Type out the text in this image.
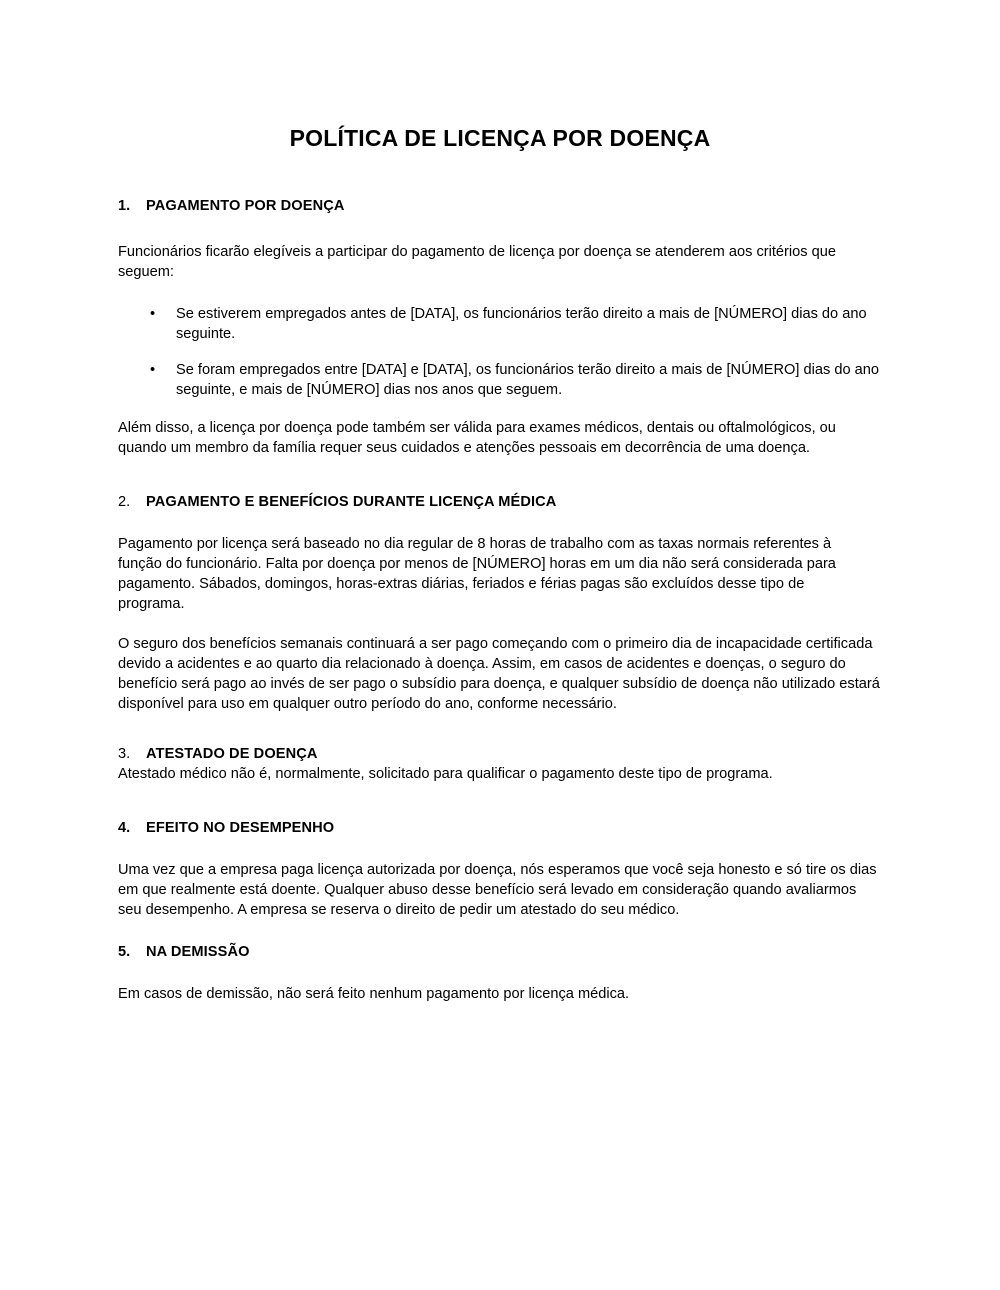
POLÍTICA DE LICENÇA POR DOENÇA
1.	PAGAMENTO POR DOENÇA

Funcionários ficarão elegíveis a participar do pagamento de licença por doença se atenderem aos critérios que seguem:

• Se estiverem empregados antes de [DATA], os funcionários terão direito a mais de [NÚMERO] dias do ano seguinte.
• Se foram empregados entre [DATA] e [DATA], os funcionários terão direito a mais de [NÚMERO] dias do ano seguinte, e mais de [NÚMERO] dias nos anos que seguem.

Além disso, a licença por doença pode também ser válida para exames médicos, dentais ou oftalmológicos, ou quando um membro da família requer seus cuidados e atenções pessoais em decorrência de uma doença.

2.	PAGAMENTO E BENEFÍCIOS DURANTE LICENÇA MÉDICA

Pagamento por licença será baseado no dia regular de 8 horas de trabalho com as taxas normais referentes à função do funcionário. Falta por doença por menos de [NÚMERO] horas em um dia não será considerada para pagamento. Sábados, domingos, horas-extras diárias, feriados e férias pagas são excluídos desse tipo de programa.

O seguro dos benefícios semanais continuará a ser pago começando com o primeiro dia de incapacidade certificada devido a acidentes e ao quarto dia relacionado à doença. Assim, em casos de acidentes e doenças, o seguro do benefício será pago ao invés de ser pago o subsídio para doença, e qualquer subsídio de doença não utilizado estará disponível para uso em qualquer outro período do ano, conforme necessário.

3.	ATESTADO DE DOENÇA

Atestado médico não é, normalmente, solicitado para qualificar o pagamento deste tipo de programa.

4.	EFEITO NO DESEMPENHO

Uma vez que a empresa paga licença autorizada por doença, nós esperamos que você seja honesto e só tire os dias em que realmente está doente. Qualquer abuso desse benefício será levado em consideração quando avaliarmos seu desempenho. A empresa se reserva o direito de pedir um atestado do seu médico.

5.	NA DEMISSÃO

Em casos de demissão, não será feito nenhum pagamento por licença médica.
